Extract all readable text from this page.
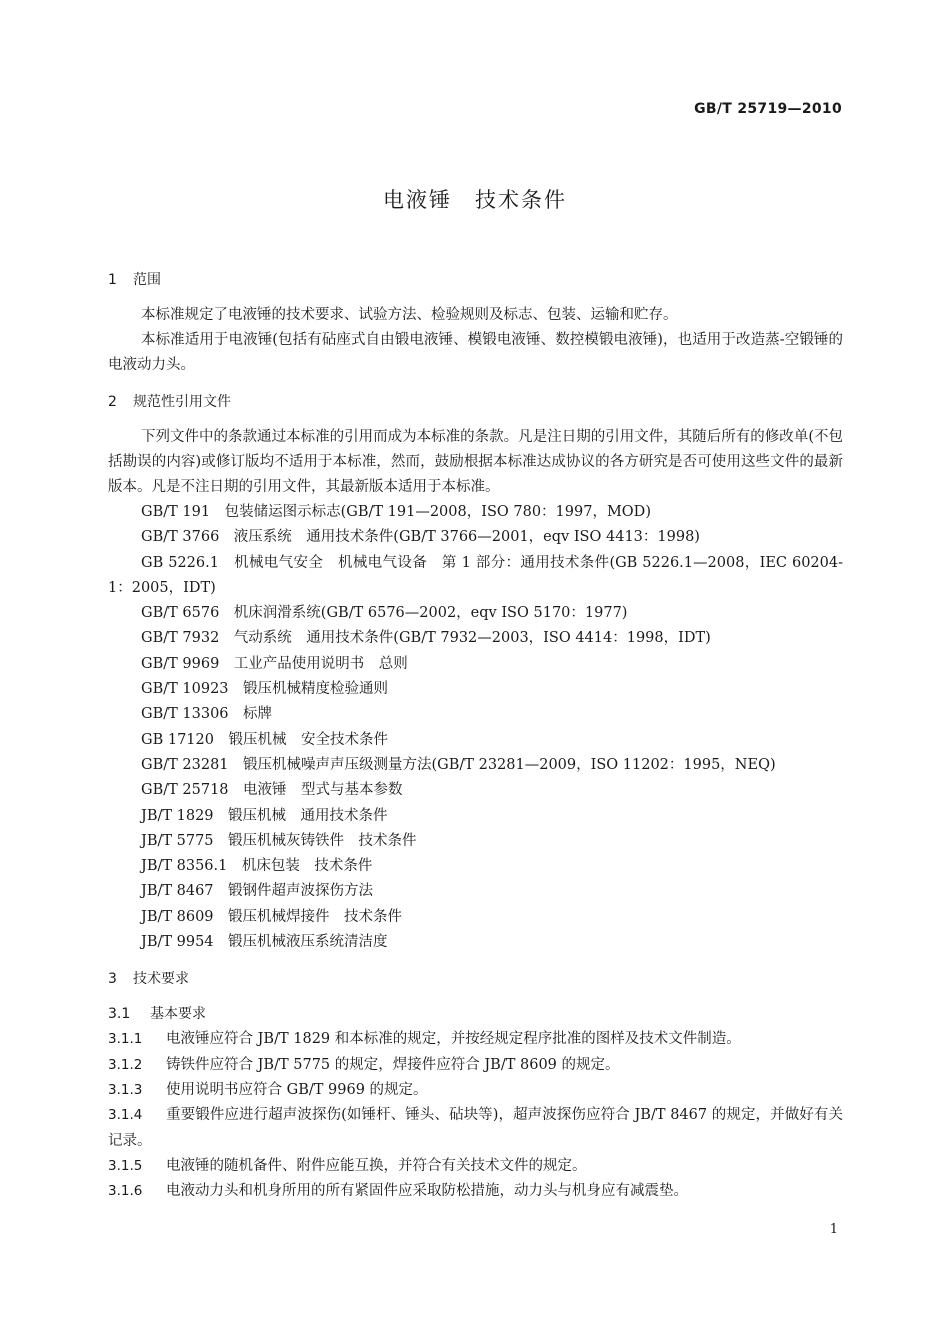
GB/T 25719—2010
电液锤　技术条件

1 范围

本标准规定了电液锤的技术要求、试验方法、检验规则及标志、包装、运输和贮存。

本标准适用于电液锤(包括有砧座式自由锻电液锤、模锻电液锤、数控模锻电液锤)，也适用于改造蒸-空锻锤的电液动力头。

2 规范性引用文件

下列文件中的条款通过本标准的引用而成为本标准的条款。凡是注日期的引用文件，其随后所有的修改单(不包括勘误的内容)或修订版均不适用于本标准，然而，鼓励根据本标准达成协议的各方研究是否可使用这些文件的最新版本。凡是不注日期的引用文件，其最新版本适用于本标准。

GB/T 191　包装储运图示标志(GB/T 191—2008，ISO 780：1997，MOD)

GB/T 3766　液压系统　通用技术条件(GB/T 3766—2001，eqv ISO 4413：1998)

GB 5226.1　机械电气安全　机械电气设备　第 1 部分：通用技术条件(GB 5226.1—2008，IEC 60204-1：2005，IDT)

GB/T 6576　机床润滑系统(GB/T 6576—2002，eqv ISO 5170：1977)

GB/T 7932　气动系统　通用技术条件(GB/T 7932—2003，ISO 4414：1998，IDT)

GB/T 9969　工业产品使用说明书　总则

GB/T 10923　锻压机械精度检验通则

GB/T 13306　标牌

GB 17120　锻压机械　安全技术条件

GB/T 23281　锻压机械噪声声压级测量方法(GB/T 23281—2009，ISO 11202：1995，NEQ)

GB/T 25718　电液锤　型式与基本参数

JB/T 1829　锻压机械　通用技术条件

JB/T 5775　锻压机械灰铸铁件　技术条件

JB/T 8356.1　机床包装　技术条件

JB/T 8467　锻钢件超声波探伤方法

JB/T 8609　锻压机械焊接件　技术条件

JB/T 9954　锻压机械液压系统清洁度

3 技术要求

3.1 基本要求

3.1.1 电液锤应符合 JB/T 1829 和本标准的规定，并按经规定程序批准的图样及技术文件制造。

3.1.2 铸铁件应符合 JB/T 5775 的规定，焊接件应符合 JB/T 8609 的规定。

3.1.3 使用说明书应符合 GB/T 9969 的规定。

3.1.4 重要锻件应进行超声波探伤(如锤杆、锤头、砧块等)，超声波探伤应符合 JB/T 8467 的规定，并做好有关记录。

3.1.5 电液锤的随机备件、附件应能互换，并符合有关技术文件的规定。

3.1.6 电液动力头和机身所用的所有紧固件应采取防松措施，动力头与机身应有减震垫。

1
